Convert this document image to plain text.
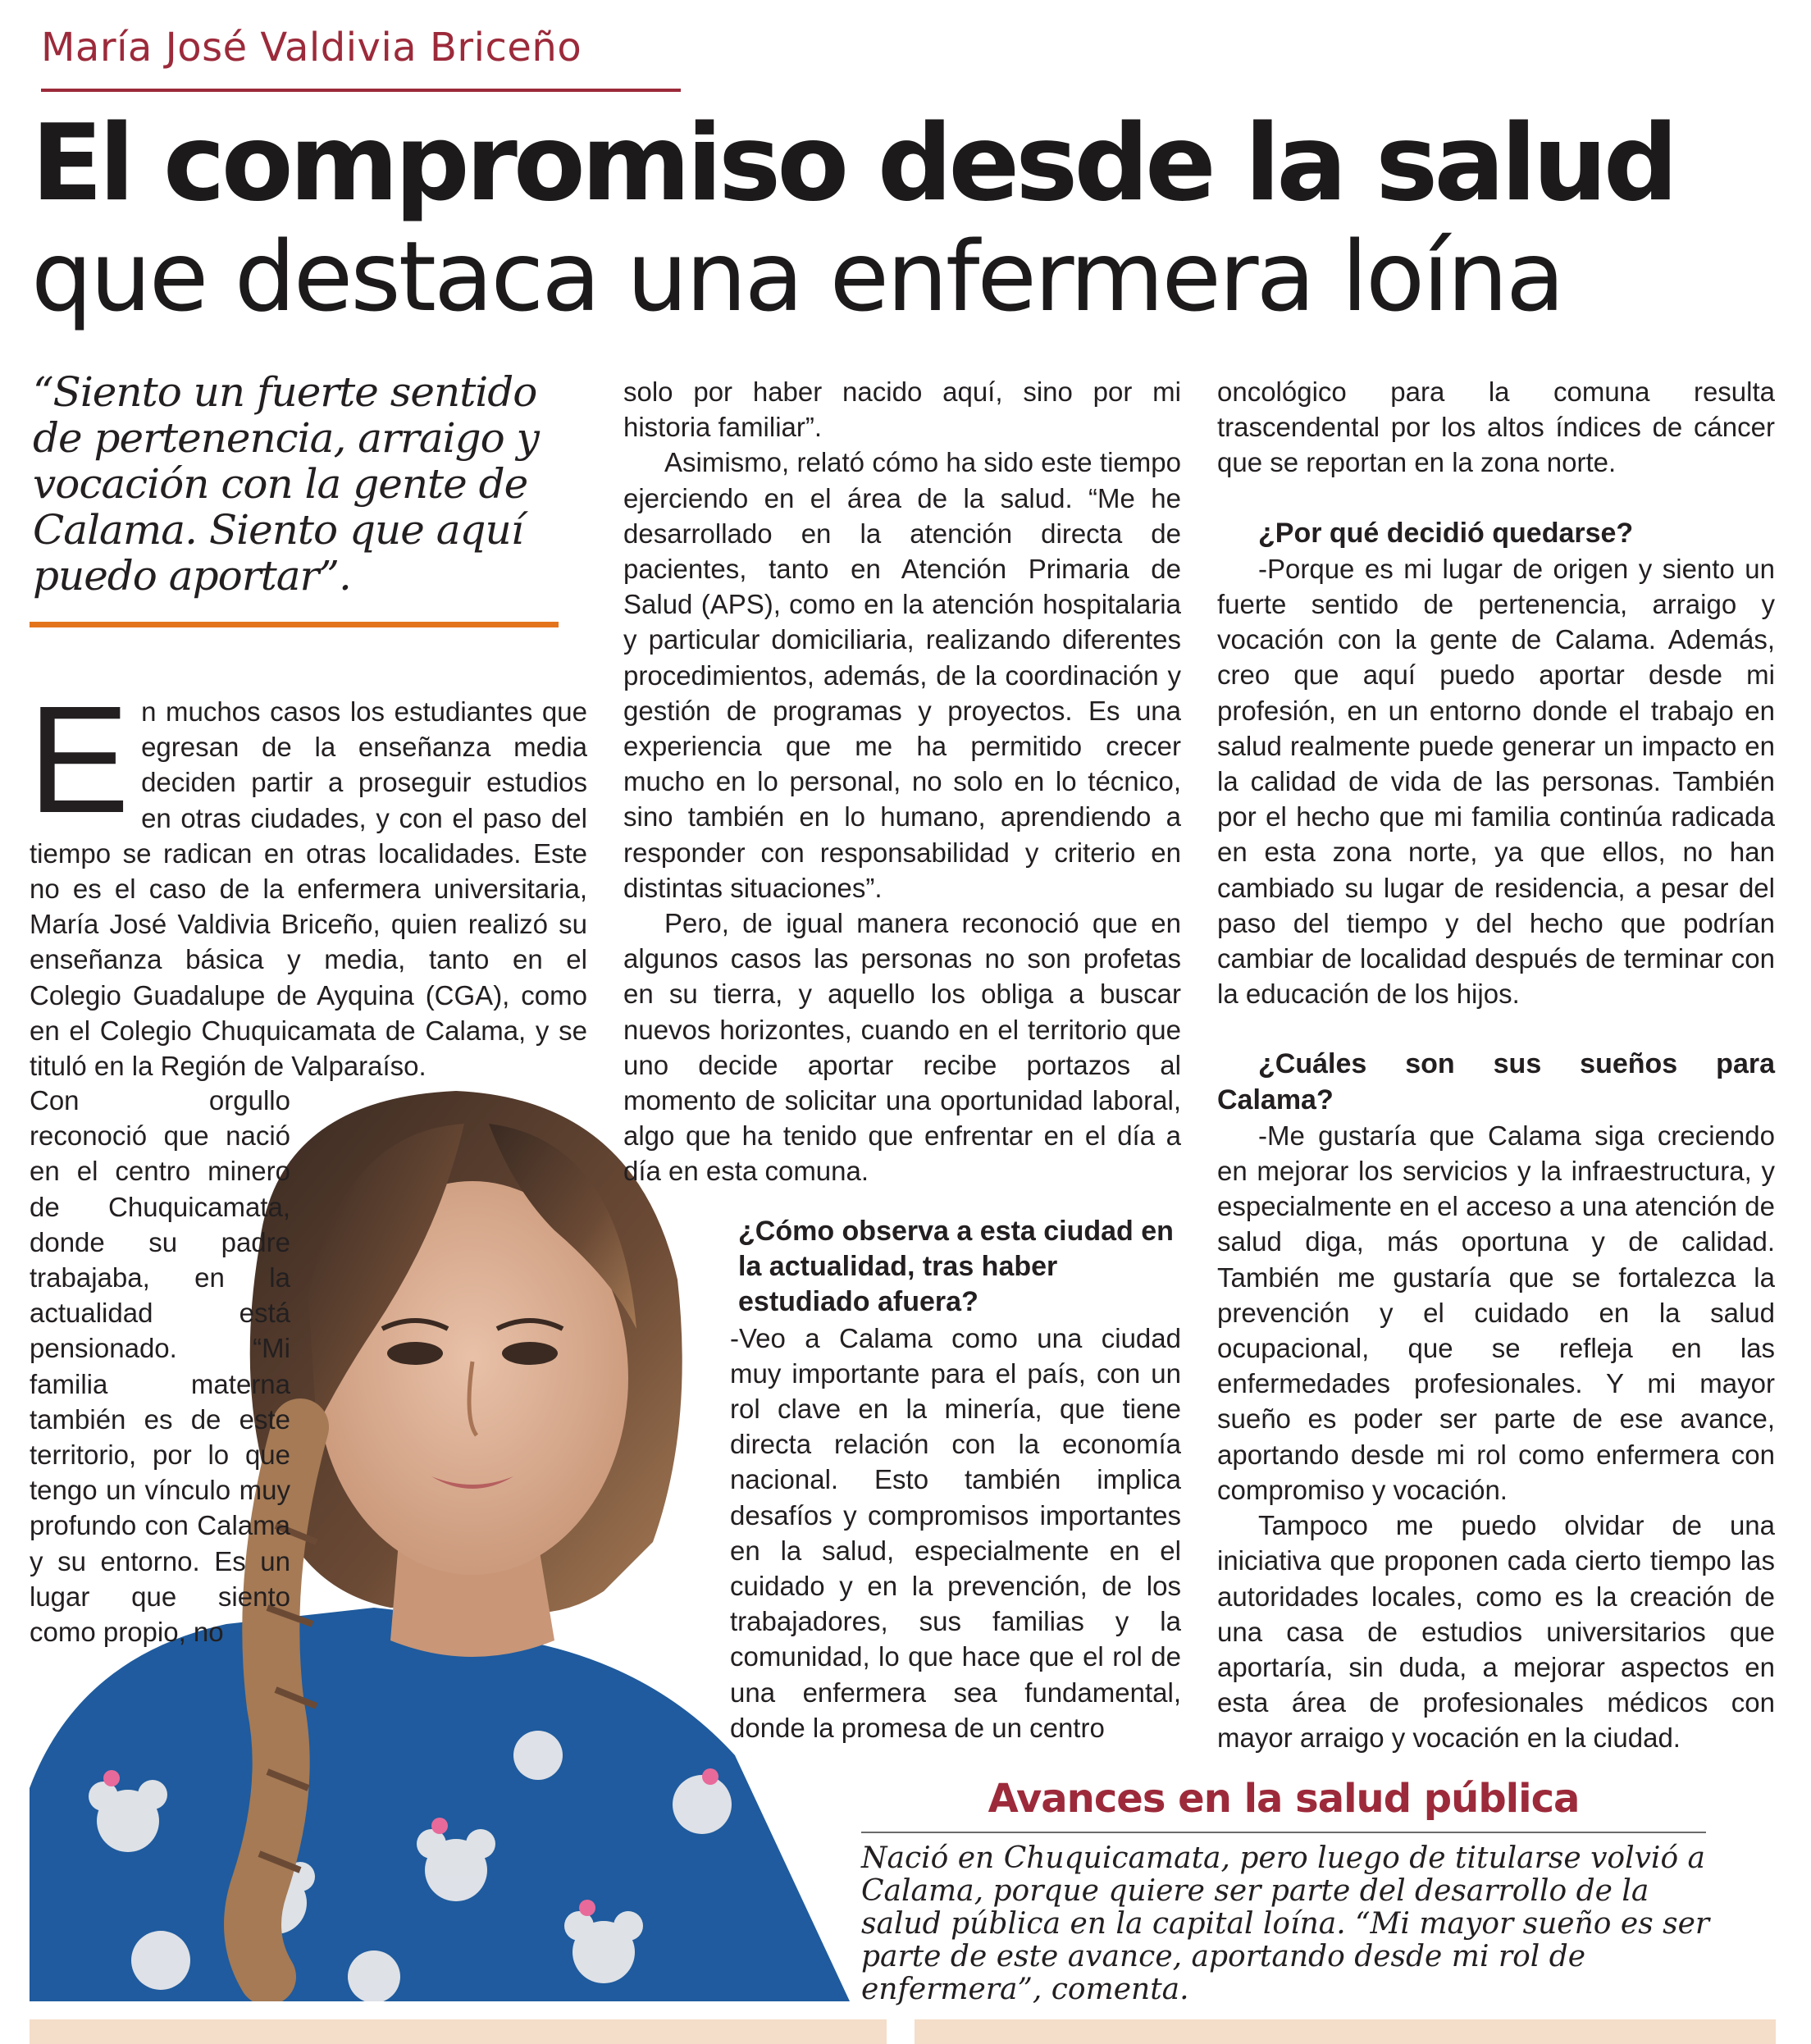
María José Valdivia Briceño
El compromiso desde la salud
que destaca una enfermera loína
“Siento un fuerte sentido de pertenencia, arraigo y vocación con la gente de Calama. Siento que aquí puedo aportar”.
E n muchos casos los estudiantes que egresan de la enseñanza media deciden partir a proseguir estudios en otras ciudades, y con el paso del tiempo se radican en otras localidades. Este no es el caso de la enfermera universitaria, María José Valdivia Briceño, quien realizó su enseñanza básica y media, tanto en el Colegio Guadalupe de Ayquina (CGA), como en el Colegio Chuquicamata de Calama, y se tituló en la Región de Valparaíso.

Con orgullo reconoció que nació en el centro minero de Chuquicamata, donde su padre trabajaba, en la actualidad está pensionado. “Mi familia materna también es de este territorio, por lo que tengo un vínculo muy profundo con Calama y su entorno. Es un lugar que siento como propio, no

solo por haber nacido aquí, sino por mi historia familiar”.

Asimismo, relató cómo ha sido este tiempo ejerciendo en el área de la salud. “Me he desarrollado en la atención directa de pacientes, tanto en Atención Primaria de Salud (APS), como en la atención hospitalaria y particular domiciliaria, realizando diferentes procedimientos, además, de la coordinación y gestión de programas y proyectos. Es una experiencia que me ha permitido crecer mucho en lo personal, no solo en lo técnico, sino también en lo humano, aprendiendo a responder con responsabilidad y criterio en distintas situaciones”.

Pero, de igual manera reconoció que en algunos casos las personas no son profetas en su tierra, y aquello los obliga a buscar nuevos horizontes, cuando en el territorio que uno decide aportar recibe portazos al momento de solicitar una oportunidad laboral, algo que ha tenido que enfrentar en el día a día en esta comuna.

¿Cómo observa a esta ciudad en la actualidad, tras haber estudiado afuera?

-Veo a Calama como una ciudad muy importante para el país, con un rol clave en la minería, que tiene directa relación con la economía nacional. Esto también implica desafíos y compromisos importantes en la salud, especialmente en el cuidado y en la prevención, de los trabajadores, sus familias y la comunidad, lo que hace que el rol de una enfermera sea fundamental, donde la promesa de un centro

oncológico para la comuna resulta trascendental por los altos índices de cáncer que se reportan en la zona norte.

¿Por qué decidió quedarse?

-Porque es mi lugar de origen y siento un fuerte sentido de pertenencia, arraigo y vocación con la gente de Calama. Además, creo que aquí puedo aportar desde mi profesión, en un entorno donde el trabajo en salud realmente puede generar un impacto en la calidad de vida de las personas. También por el hecho que mi familia continúa radicada en esta zona norte, ya que ellos, no han cambiado su lugar de residencia, a pesar del paso del tiempo y del hecho que podrían cambiar de localidad después de terminar con la educación de los hijos.

¿Cuáles son sus sueños para Calama?

-Me gustaría que Calama siga creciendo en mejorar los servicios y la infraestructura, y especialmente en el acceso a una atención de salud diga, más oportuna y de calidad. También me gustaría que se fortalezca la prevención y el cuidado en la salud ocupacional, que se refleja en las enfermedades profesionales. Y mi mayor sueño es poder ser parte de ese avance, aportando desde mi rol como enfermera con compromiso y vocación.

Tampoco me puedo olvidar de una iniciativa que proponen cada cierto tiempo las autoridades locales, como es la creación de una casa de estudios universitarios que aportaría, sin duda, a mejorar aspectos en esta área de profesionales médicos con mayor arraigo y vocación en la ciudad.

Avances en la salud pública
Nació en Chuquicamata, pero luego de titularse volvió a Calama, porque quiere ser parte del desarrollo de la salud pública en la capital loína. “Mi mayor sueño es ser parte de este avance, aportando desde mi rol de enfermera”, comenta.
